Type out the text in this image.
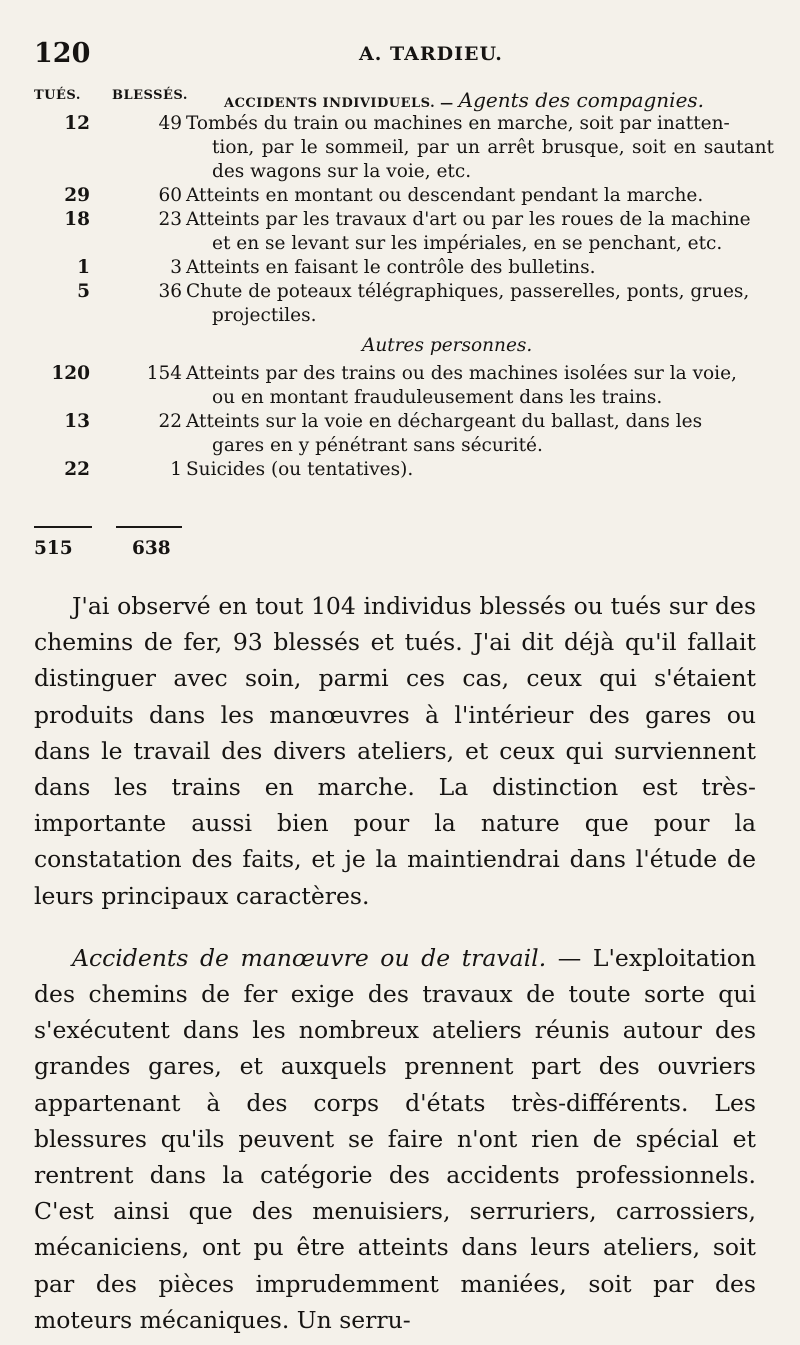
120	A. TARDIEU.
TUÉS. BLESSÉS.
ACCIDENTS INDIVIDUELS. — Agents des compagnies.
12	49 Tombés du train ou machines en marche, soit par inatten-
tion, par le sommeil, par un arrêt brusque, soit en sautant des wagons sur la voie, etc.
29	60 Atteints en montant ou descendant pendant la marche.
18	23 Atteints par les travaux d'art ou par les roues de la machine
et en se levant sur les impériales, en se penchant, etc.
1	3 Atteints en faisant le contrôle des bulletins.
5	36 Chute de poteaux télégraphiques, passerelles, ponts, grues,
projectiles.
Autres personnes.
120	154 Atteints par des trains ou des machines isolées sur la voie,
ou en montant frauduleusement dans les trains.
13	22 Atteints sur la voie en déchargeant du ballast, dans les
gares en y pénétrant sans sécurité.
22	1 Suicides (ou tentatives).
515	638

J'ai observé en tout 104 individus blessés ou tués sur des chemins de fer, 93 blessés et tués. J'ai dit déjà qu'il fallait distinguer avec soin, parmi ces cas, ceux qui s'étaient produits dans les manœuvres à l'intérieur des gares ou dans le travail des divers ateliers, et ceux qui surviennent dans les trains en marche. La distinction est très-importante aussi bien pour la nature que pour la constatation des faits, et je la maintiendrai dans l'étude de leurs principaux caractères.

Accidents de manœuvre ou de travail. — L'exploitation des chemins de fer exige des travaux de toute sorte qui s'exécutent dans les nombreux ateliers réunis autour des grandes gares, et auxquels prennent part des ouvriers appartenant à des corps d'états très-différents. Les blessures qu'ils peuvent se faire n'ont rien de spécial et rentrent dans la catégorie des accidents professionnels. C'est ainsi que des menuisiers, serruriers, carrossiers, mécaniciens, ont pu être atteints dans leurs ateliers, soit par des pièces imprudemment maniées, soit par des moteurs mécaniques. Un serru-
